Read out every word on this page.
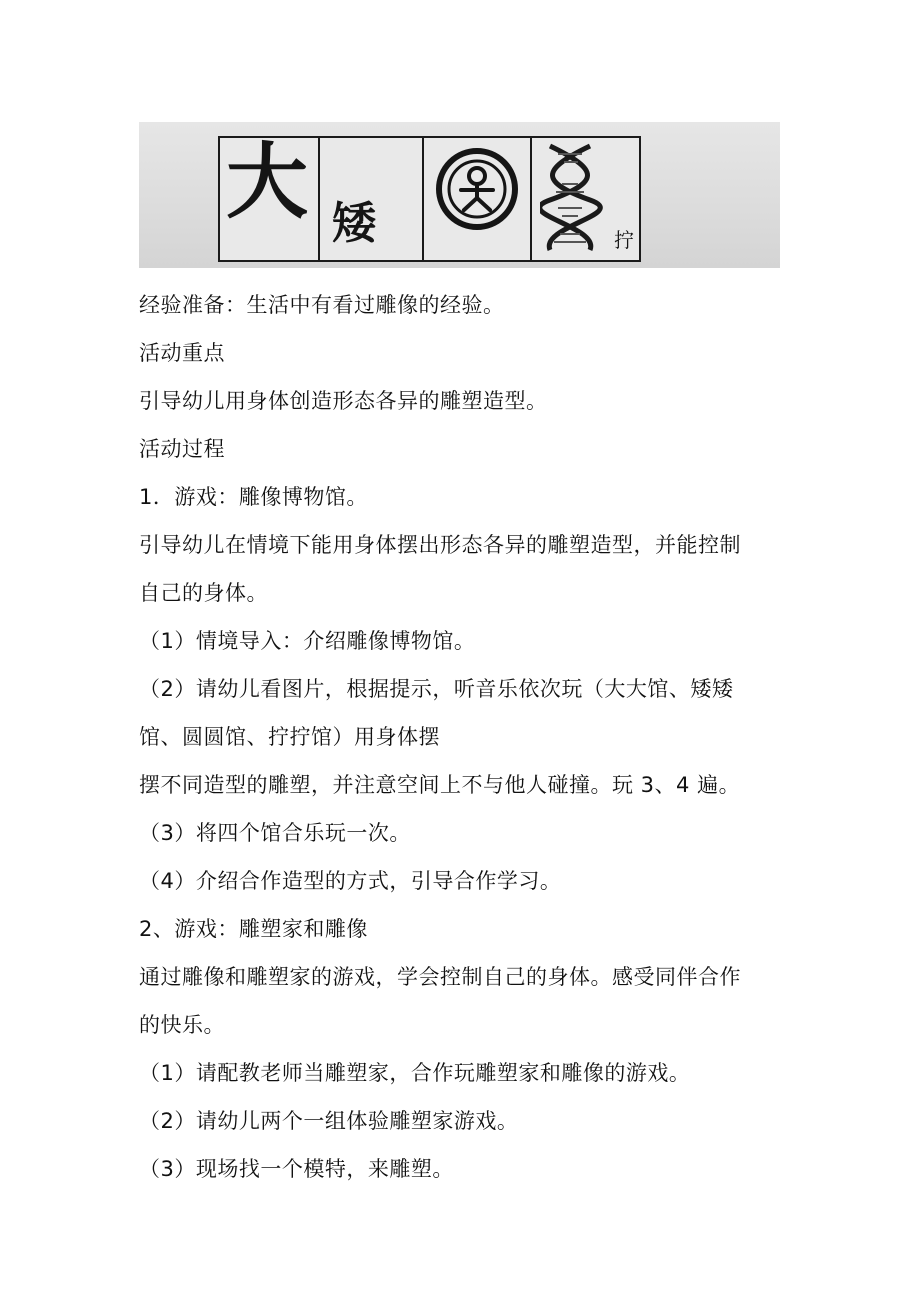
大 矮	拧
经验准备：生活中有看过雕像的经验。
活动重点
引导幼儿用身体创造形态各异的雕塑造型。
活动过程
1．游戏：雕像博物馆。
引导幼儿在情境下能用身体摆出形态各异的雕塑造型，并能控制
自己的身体。
（1）情境导入：介绍雕像博物馆。
（2）请幼儿看图片，根据提示，听音乐依次玩（大大馆、矮矮
馆、圆圆馆、拧拧馆）用身体摆
摆不同造型的雕塑，并注意空间上不与他人碰撞。玩 3、4 遍。
（3）将四个馆合乐玩一次。
（4）介绍合作造型的方式，引导合作学习。
2、游戏：雕塑家和雕像
通过雕像和雕塑家的游戏，学会控制自己的身体。感受同伴合作
的快乐。
（1）请配教老师当雕塑家，合作玩雕塑家和雕像的游戏。
（2）请幼儿两个一组体验雕塑家游戏。
（3）现场找一个模特，来雕塑。
